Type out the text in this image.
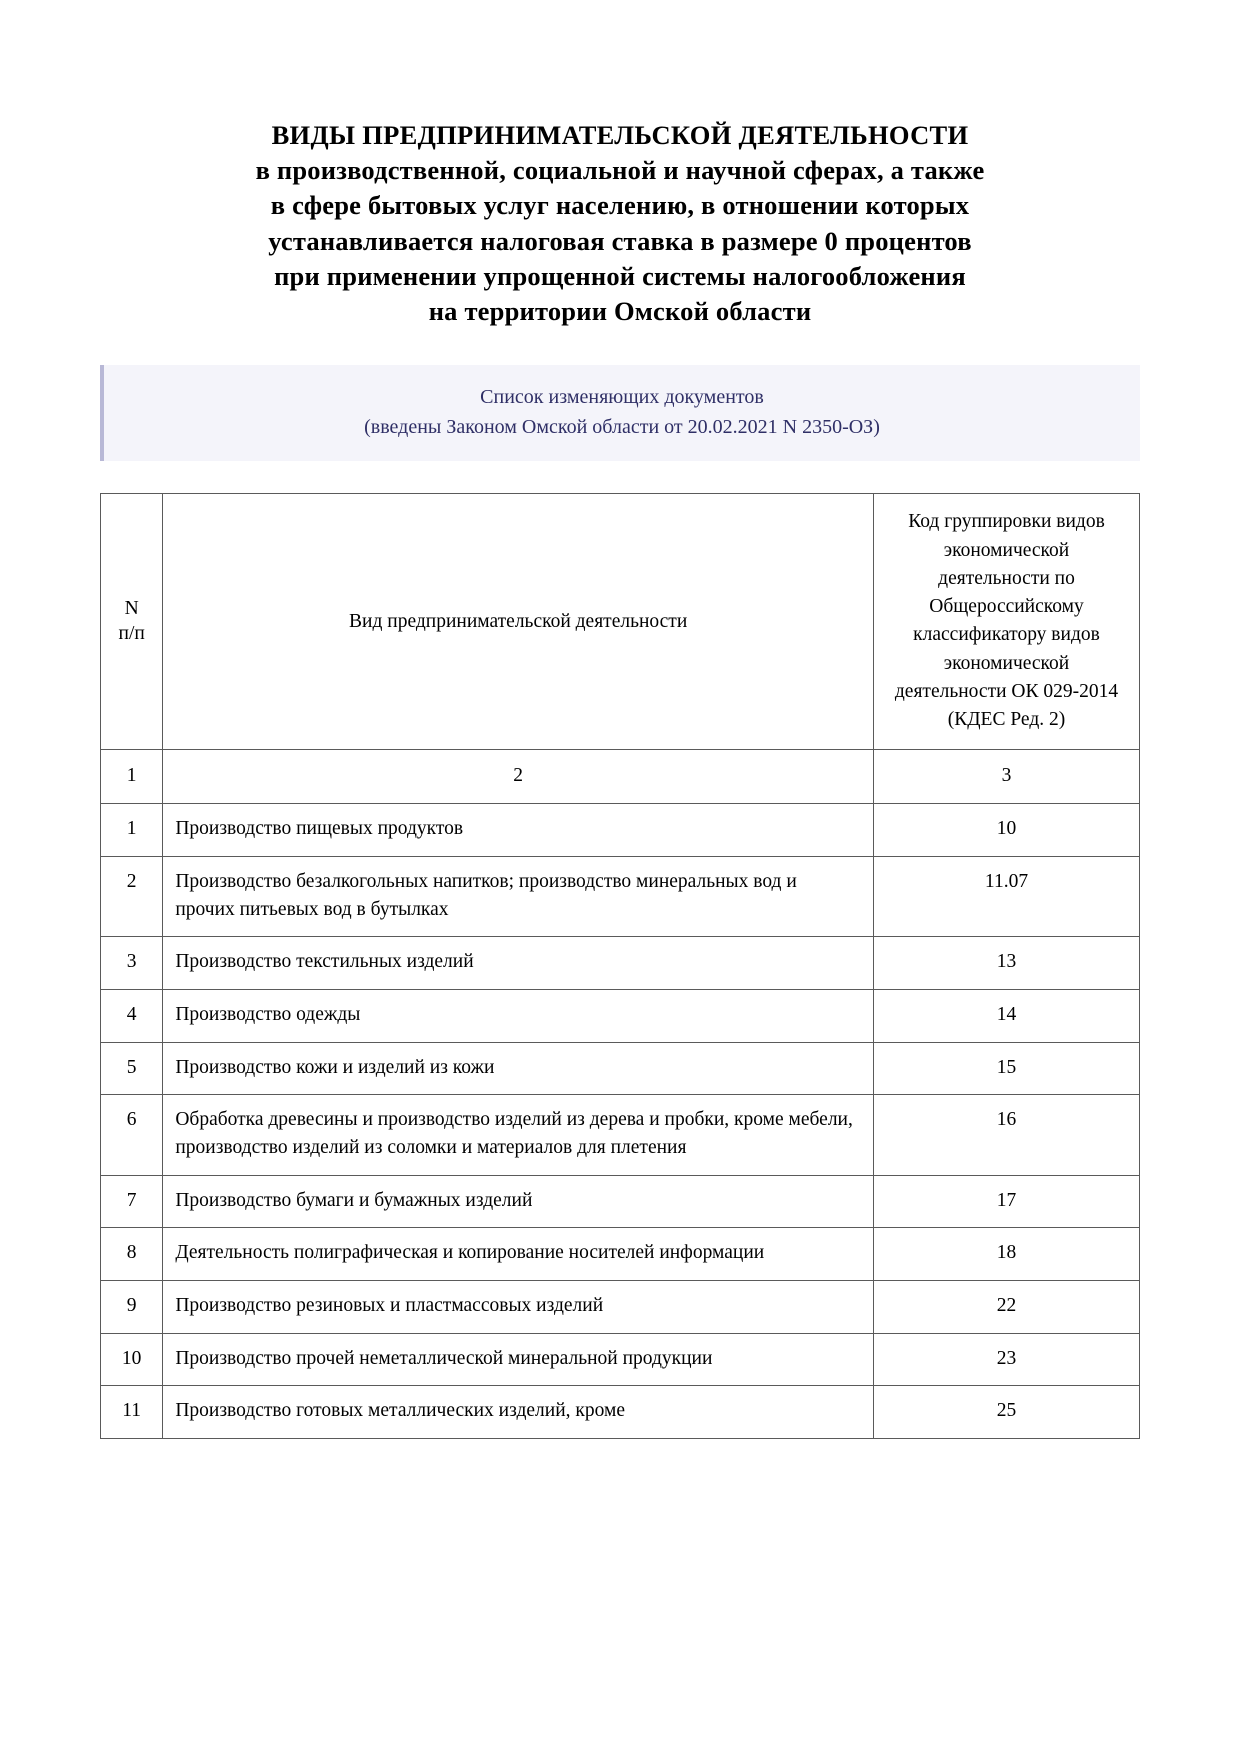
ВИДЫ ПРЕДПРИНИМАТЕЛЬСКОЙ ДЕЯТЕЛЬНОСТИ
в производственной, социальной и научной сферах, а также
в сфере бытовых услуг населению, в отношении которых
устанавливается налоговая ставка в размере 0 процентов
при применении упрощенной системы налогообложения
на территории Омской области
Список изменяющих документов
(введены Законом Омской области от 20.02.2021 N 2350-ОЗ)
N
п/п	Вид предпринимательской деятельности	Код группировки видов экономической деятельности по Общероссийскому классификатору видов экономической деятельности ОК 029-2014 (КДЕС Ред. 2)

1	2	3
1	Производство пищевых продуктов	10
2	Производство безалкогольных напитков; производство минеральных вод и прочих питьевых вод в бутылках	11.07
3	Производство текстильных изделий	13
4	Производство одежды	14
5	Производство кожи и изделий из кожи	15
6	Обработка древесины и производство изделий из дерева и пробки, кроме мебели, производство изделий из соломки и материалов для плетения	16
7	Производство бумаги и бумажных изделий	17
8	Деятельность полиграфическая и копирование носителей информации	18
9	Производство резиновых и пластмассовых изделий	22
10	Производство прочей неметаллической минеральной продукции	23
11	Производство готовых металлических изделий, кроме	25
